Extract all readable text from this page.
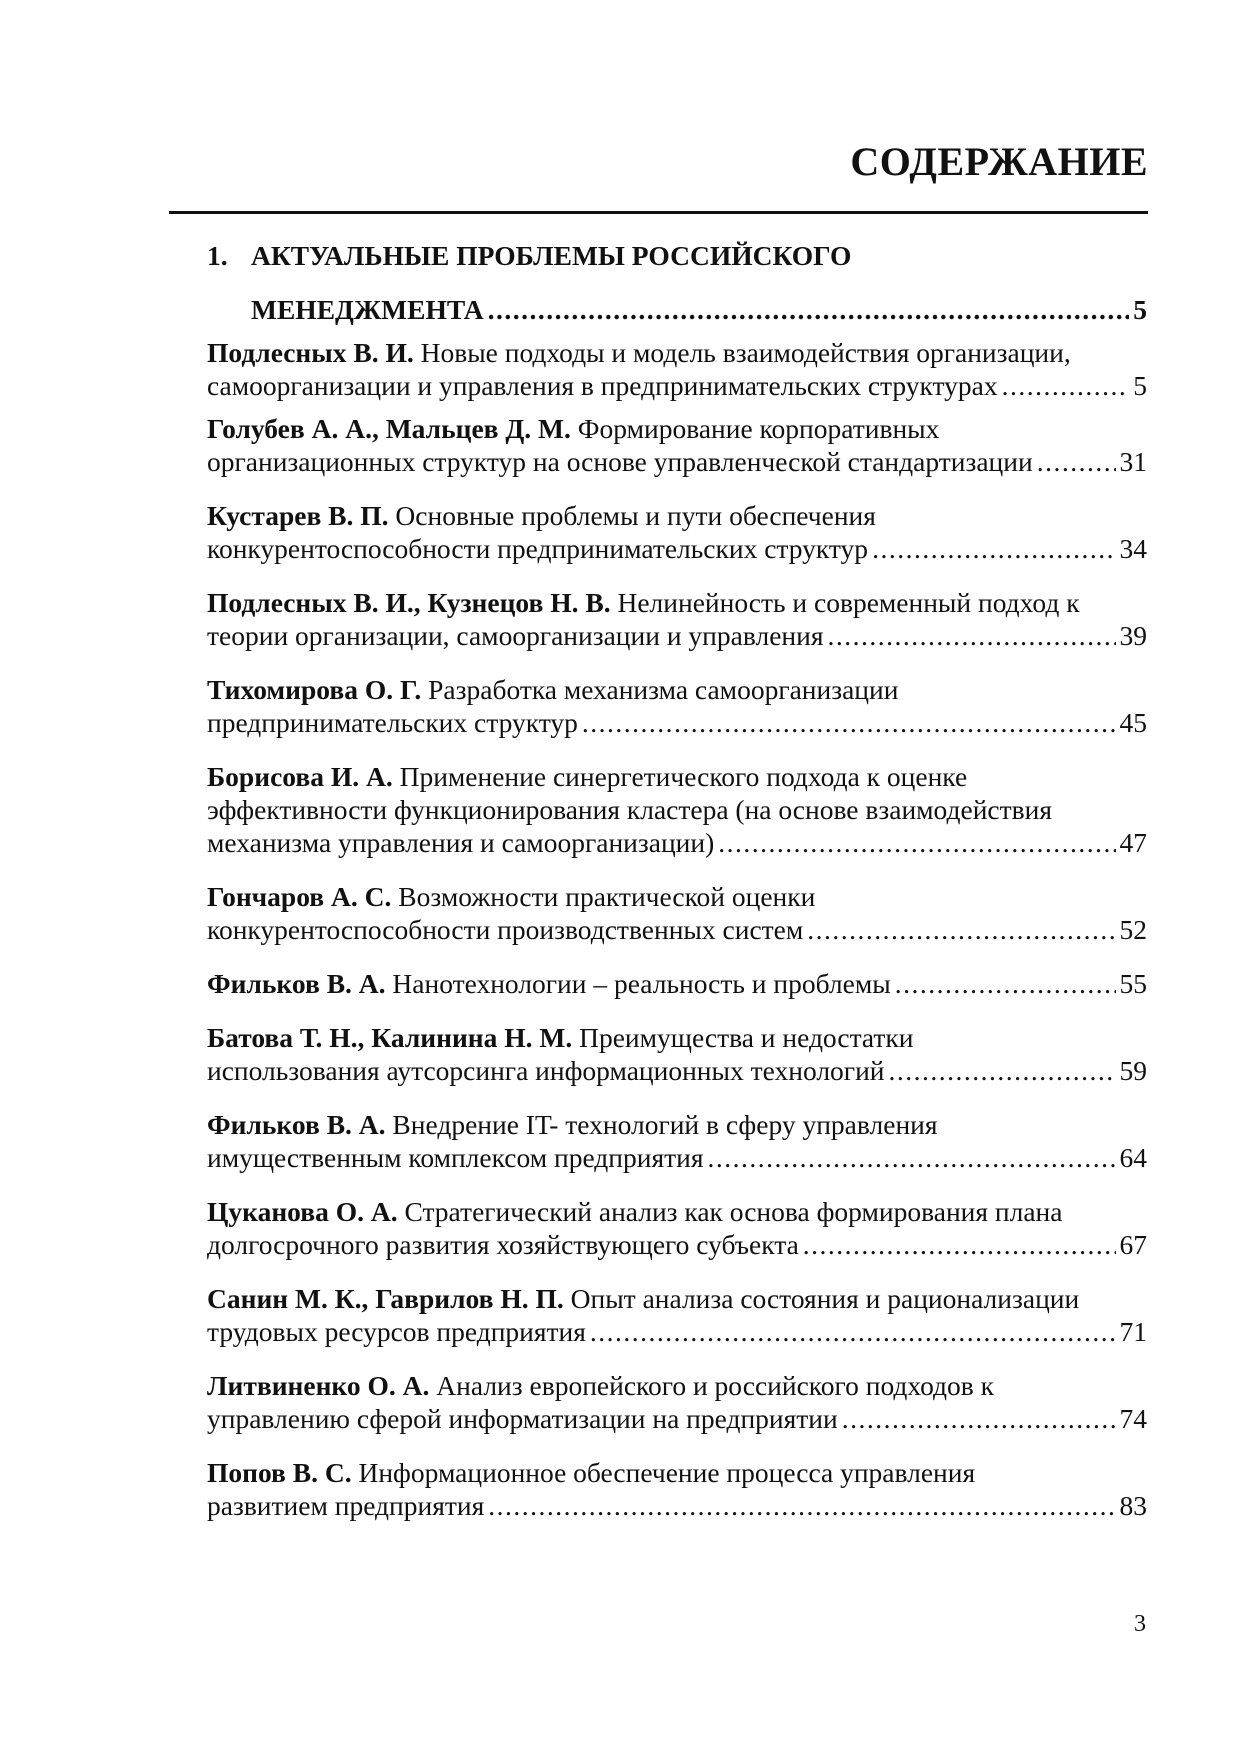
СОДЕРЖАНИЕ
1. АКТУАЛЬНЫЕ ПРОБЛЕМЫ РОССИЙСКОГО
МЕНЕДЖМЕНТА .....	5
Подлесных В. И. Новые подходы и модель взаимодействия организации,
самоорганизации и управления в предпринимательских структурах .....	5
Голубев А. А., Мальцев Д. М. Формирование корпоративных
организационных структур на основе управленческой стандартизации .....	31
Кустарев В. П. Основные проблемы и пути обеспечения
конкурентоспособности предпринимательских структур .....	34
Подлесных В. И., Кузнецов Н. В. Нелинейность и современный подход к
теории организации, самоорганизации и управления .....	39
Тихомирова О. Г. Разработка механизма самоорганизации
предпринимательских структур .....	45
Борисова И. А. Применение синергетического подхода к оценке
эффективности функционирования кластера (на основе взаимодействия
механизма управления и самоорганизации) .....	47
Гончаров А. С. Возможности практической оценки
конкурентоспособности производственных систем .....	52
Фильков В. А. Нанотехнологии – реальность и проблемы .....	55
Батова Т. Н., Калинина Н. М. Преимущества и недостатки
использования аутсорсинга информационных технологий .....	59
Фильков В. А. Внедрение IT- технологий в сферу управления
имущественным комплексом предприятия .....	64
Цуканова О. А. Стратегический анализ как основа формирования плана
долгосрочного развития хозяйствующего субъекта .....	67
Санин М. К., Гаврилов Н. П. Опыт анализа состояния и рационализации
трудовых ресурсов предприятия .....	71
Литвиненко О. А. Анализ европейского и российского подходов к
управлению сферой информатизации на предприятии .....	74
Попов В. С. Информационное обеспечение процесса управления
развитием предприятия .....	83
3
